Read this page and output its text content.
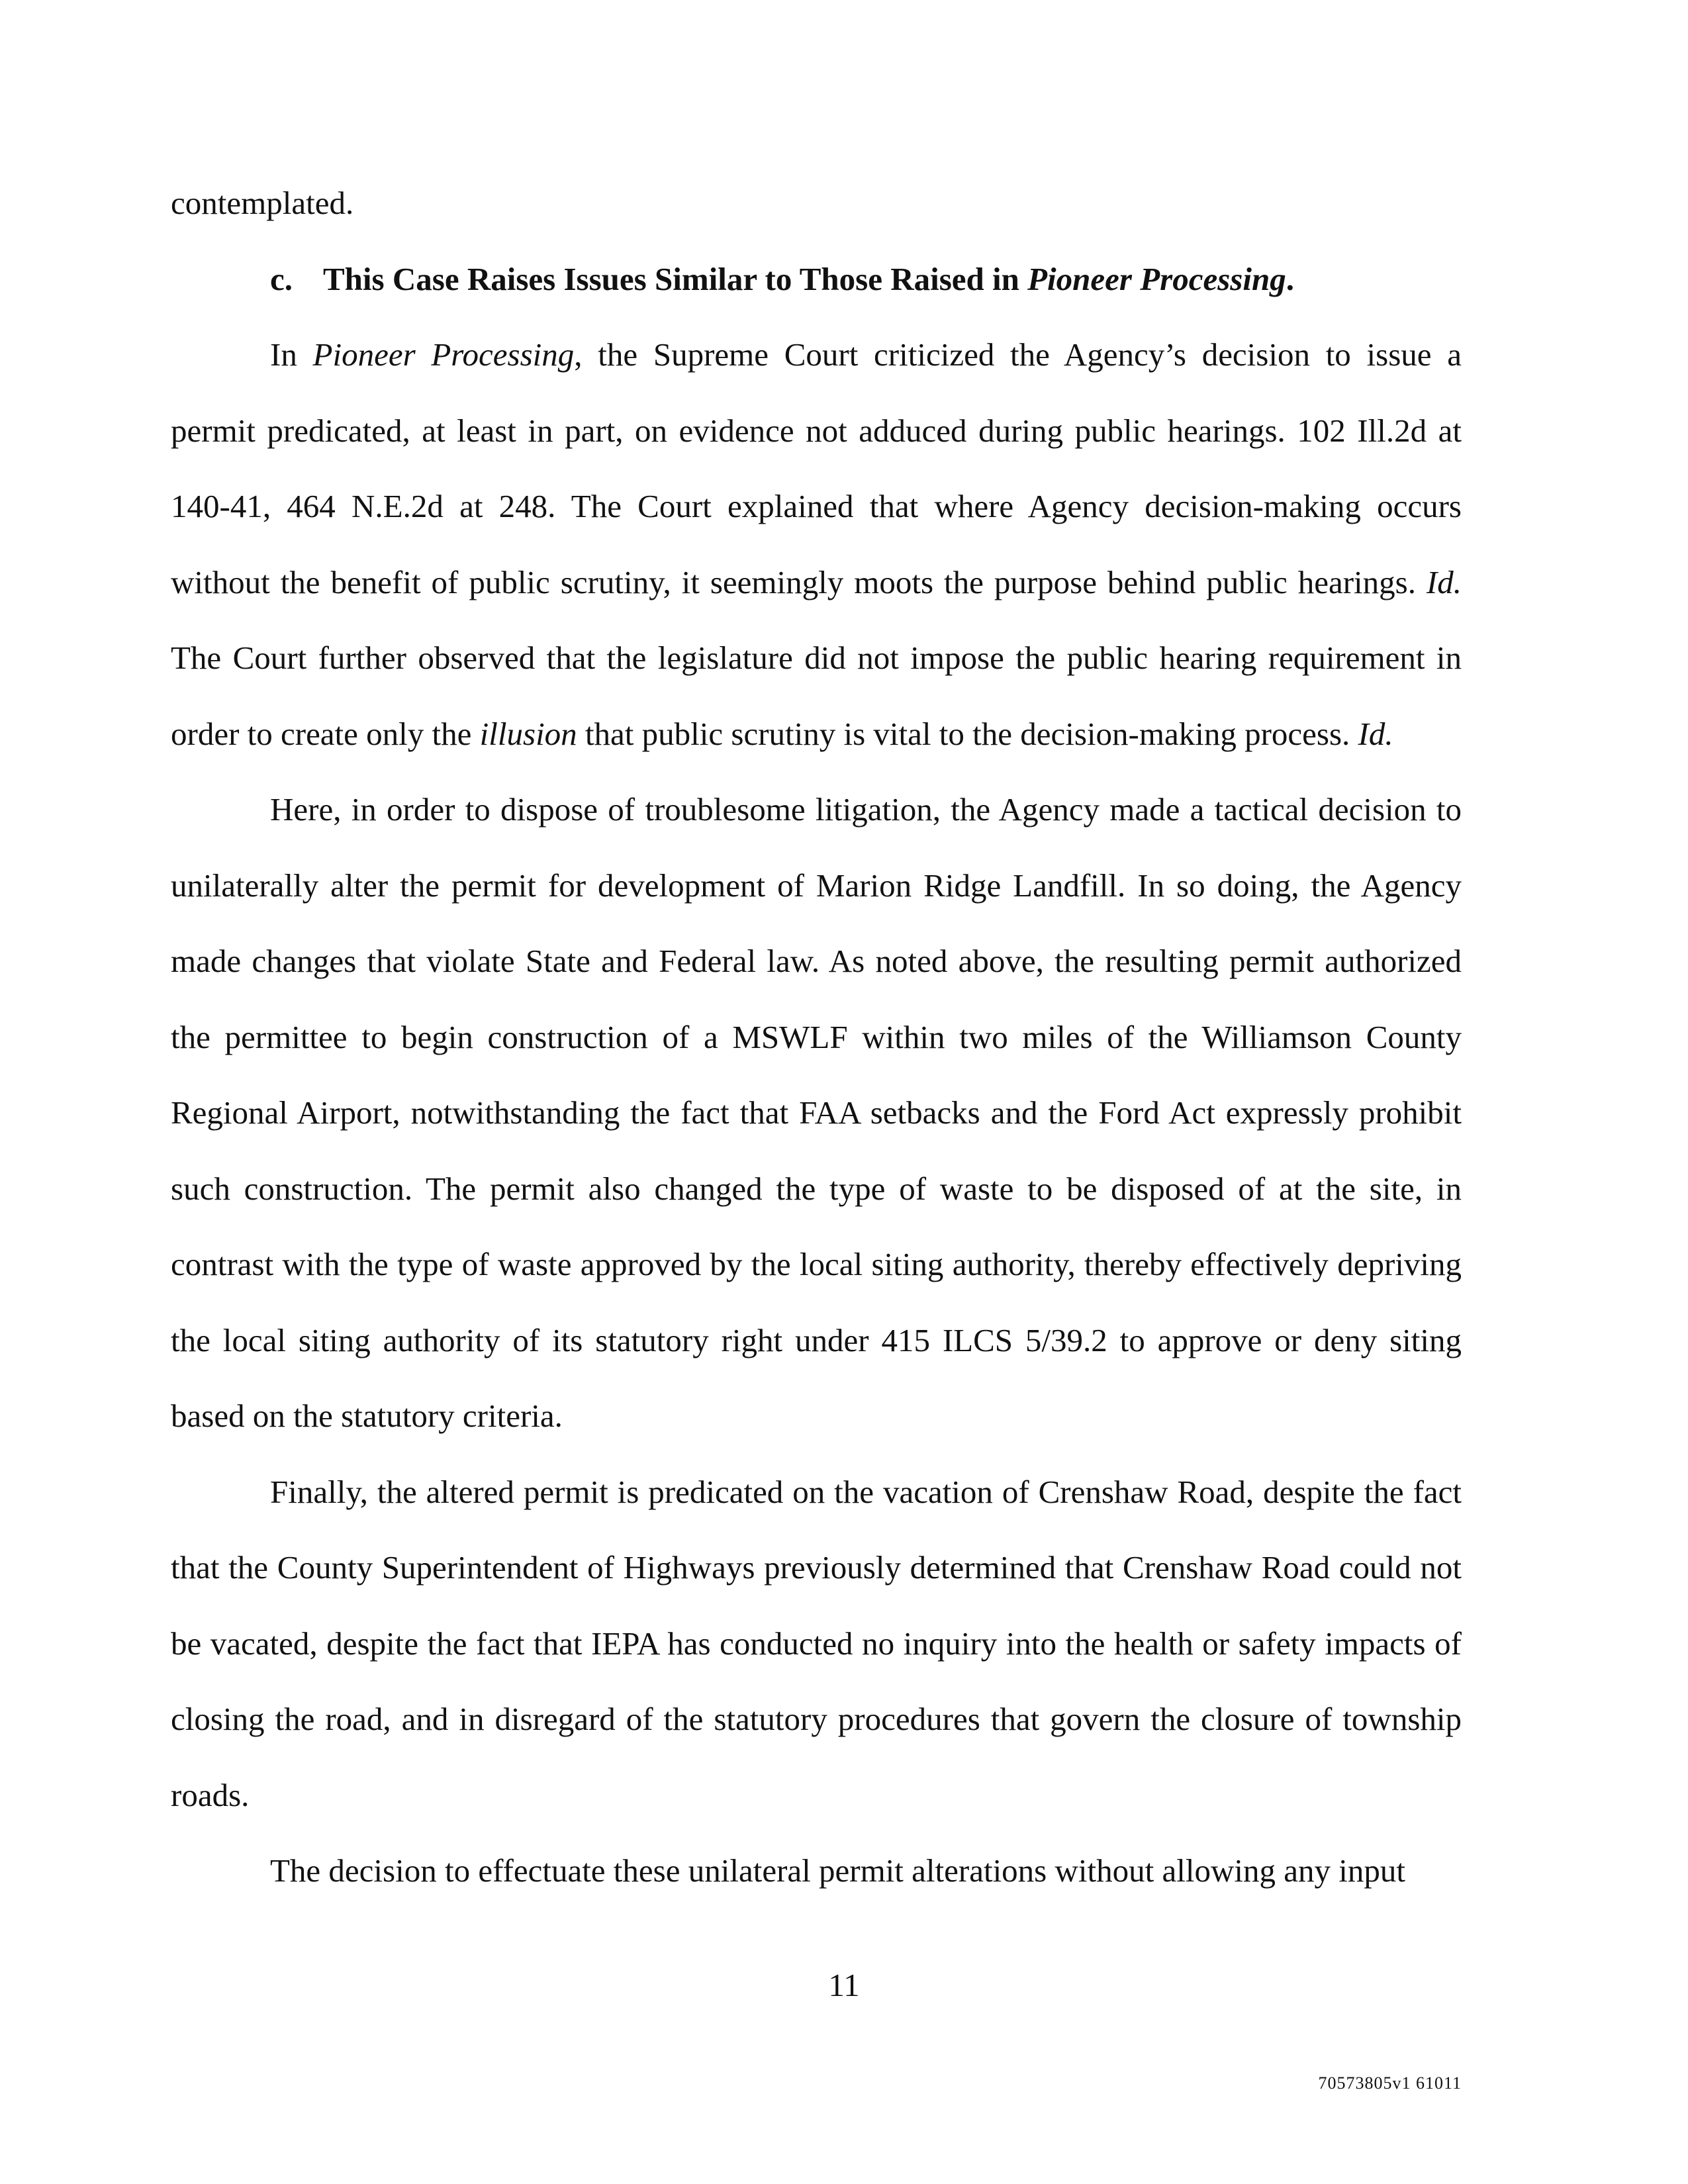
contemplated.

c. This Case Raises Issues Similar to Those Raised in Pioneer Processing.

In Pioneer Processing, the Supreme Court criticized the Agency’s decision to issue a permit predicated, at least in part, on evidence not adduced during public hearings. 102 Ill.2d at 140-41, 464 N.E.2d at 248. The Court explained that where Agency decision-making occurs without the benefit of public scrutiny, it seemingly moots the purpose behind public hearings. Id. The Court further observed that the legislature did not impose the public hearing requirement in order to create only the illusion that public scrutiny is vital to the decision-making process. Id.

Here, in order to dispose of troublesome litigation, the Agency made a tactical decision to unilaterally alter the permit for development of Marion Ridge Landfill. In so doing, the Agency made changes that violate State and Federal law. As noted above, the resulting permit authorized the permittee to begin construction of a MSWLF within two miles of the Williamson County Regional Airport, notwithstanding the fact that FAA setbacks and the Ford Act expressly prohibit such construction. The permit also changed the type of waste to be disposed of at the site, in contrast with the type of waste approved by the local siting authority, thereby effectively depriving the local siting authority of its statutory right under 415 ILCS 5/39.2 to approve or deny siting based on the statutory criteria.

Finally, the altered permit is predicated on the vacation of Crenshaw Road, despite the fact that the County Superintendent of Highways previously determined that Crenshaw Road could not be vacated, despite the fact that IEPA has conducted no inquiry into the health or safety impacts of closing the road, and in disregard of the statutory procedures that govern the closure of township roads.

The decision to effectuate these unilateral permit alterations without allowing any input

11
70573805v1 61011
